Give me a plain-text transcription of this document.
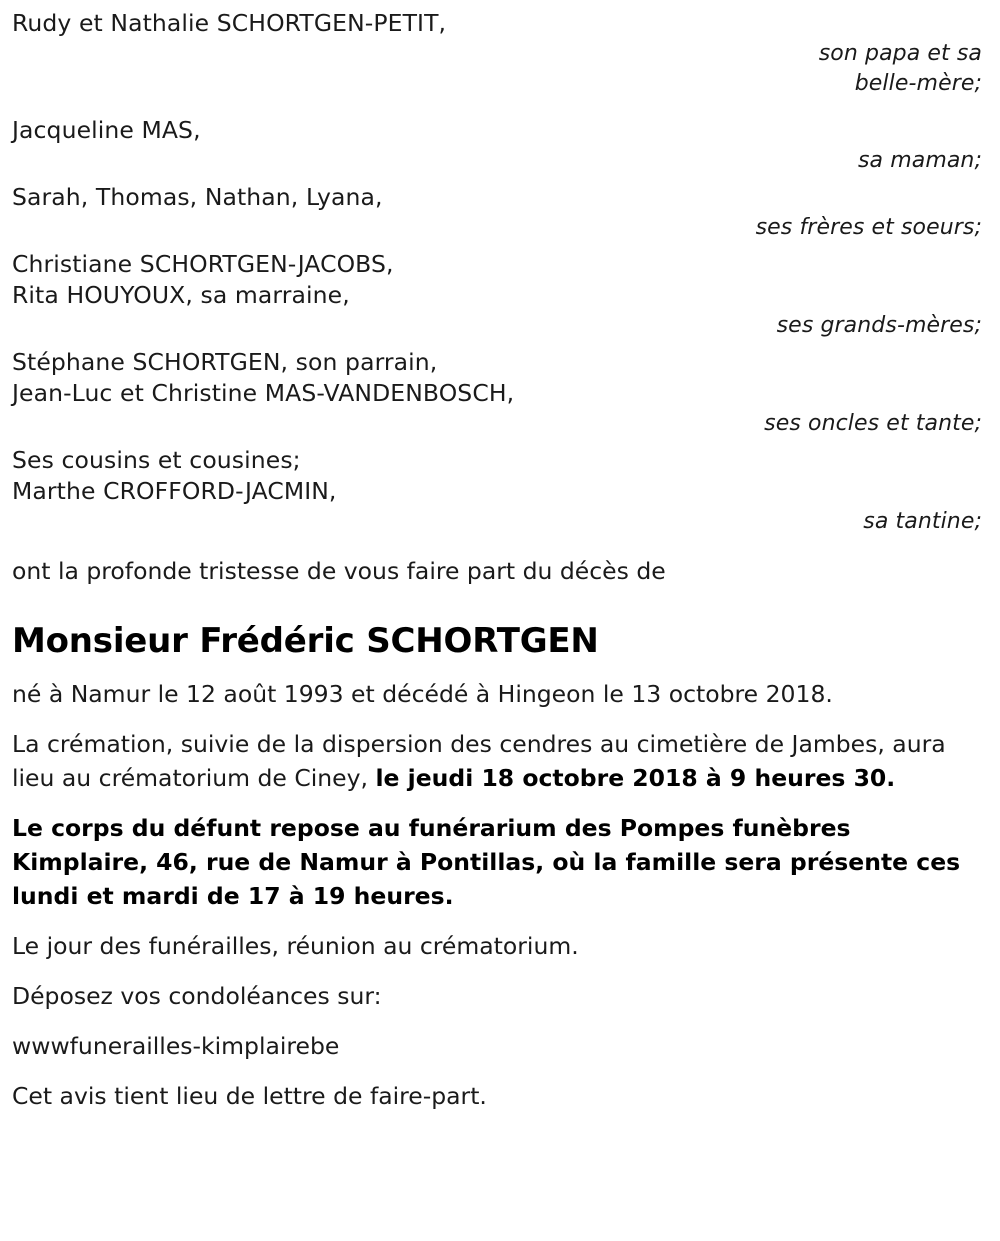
Rudy et Nathalie SCHORTGEN-PETIT,
son papa et sa
belle-mère;
Jacqueline MAS,
sa maman;
Sarah, Thomas, Nathan, Lyana,
ses frères et soeurs;
Christiane SCHORTGEN-JACOBS,
Rita HOUYOUX, sa marraine,
ses grands-mères;
Stéphane SCHORTGEN, son parrain,
Jean-Luc et Christine MAS-VANDENBOSCH,
ses oncles et tante;
Ses cousins et cousines;
Marthe CROFFORD-JACMIN,
sa tantine;
ont la profonde tristesse de vous faire part du décès de
Monsieur Frédéric SCHORTGEN
né à Namur le 12 août 1993 et décédé à Hingeon le 13 octobre 2018.
La crémation, suivie de la dispersion des cendres au cimetière de Jambes, aura lieu au crématorium de Ciney, le jeudi 18 octobre 2018 à 9 heures 30.
Le corps du défunt repose au funérarium des Pompes funèbres Kimplaire, 46, rue de Namur à Pontillas, où la famille sera présente ces lundi et mardi de 17 à 19 heures.
Le jour des funérailles, réunion au crématorium.
Déposez vos condoléances sur:
wwwfunerailles-kimplairebe
Cet avis tient lieu de lettre de faire-part.
